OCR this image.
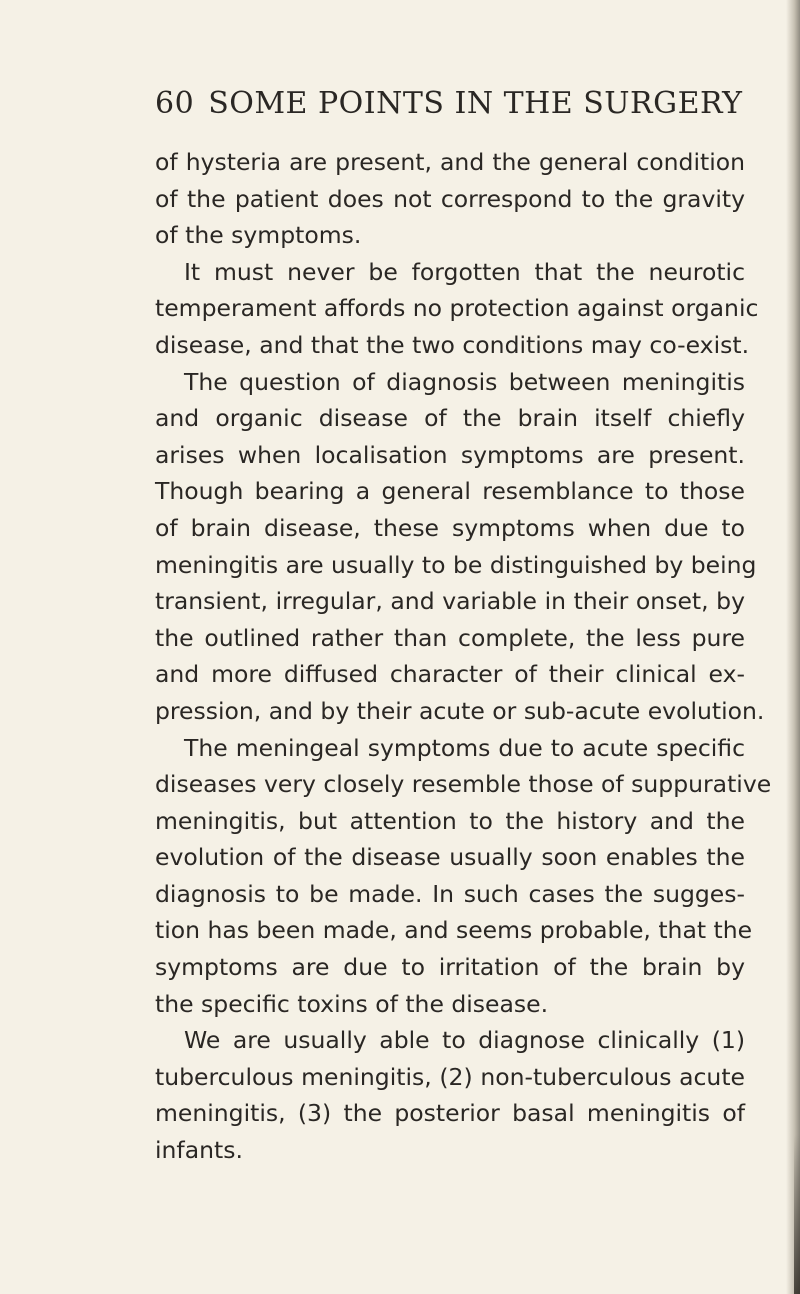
60 SOME POINTS IN THE SURGERY
of hysteria are present, and the general condition
of the patient does not correspond to the gravity
of the symptoms.
It must never be forgotten that the neurotic
temperament affords no protection against organic
disease, and that the two conditions may co-exist.
The question of diagnosis between meningitis
and organic disease of the brain itself chiefly
arises when localisation symptoms are present.
Though bearing a general resemblance to those
of brain disease, these symptoms when due to
meningitis are usually to be distinguished by being
transient, irregular, and variable in their onset, by
the outlined rather than complete, the less pure
and more diffused character of their clinical ex-
pression, and by their acute or sub-acute evolution.
The meningeal symptoms due to acute specific
diseases very closely resemble those of suppurative
meningitis, but attention to the history and the
evolution of the disease usually soon enables the
diagnosis to be made. In such cases the sugges-
tion has been made, and seems probable, that the
symptoms are due to irritation of the brain by
the specific toxins of the disease.
We are usually able to diagnose clinically (1)
tuberculous meningitis, (2) non-tuberculous acute
meningitis, (3) the posterior basal meningitis of
infants.
